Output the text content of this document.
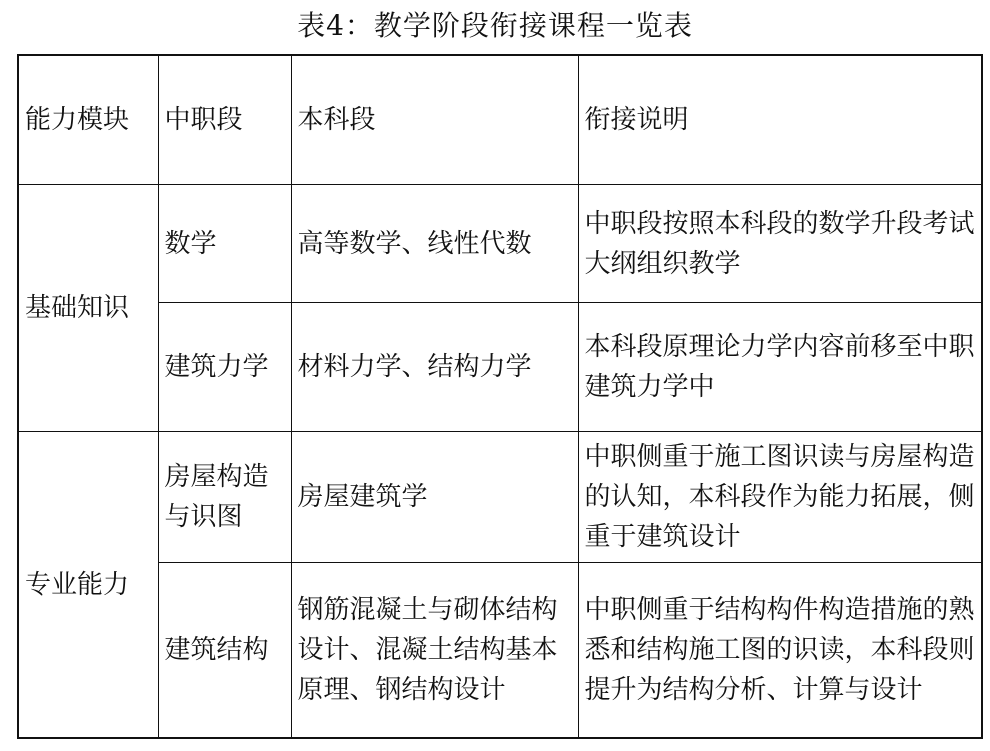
表4：教学阶段衔接课程一览表
能力模块	中职段	本科段	衔接说明
基础知识	数学	高等数学、线性代数	中职段按照本科段的数学升段考试大纲组织教学
	建筑力学	材料力学、结构力学	本科段原理论力学内容前移至中职建筑力学中
专业能力	房屋构造与识图	房屋建筑学	中职侧重于施工图识读与房屋构造的认知，本科段作为能力拓展，侧重于建筑设计
	建筑结构	钢筋混凝土与砌体结构设计、混凝土结构基本原理、钢结构设计	中职侧重于结构构件构造措施的熟悉和结构施工图的识读，本科段则提升为结构分析、计算与设计
